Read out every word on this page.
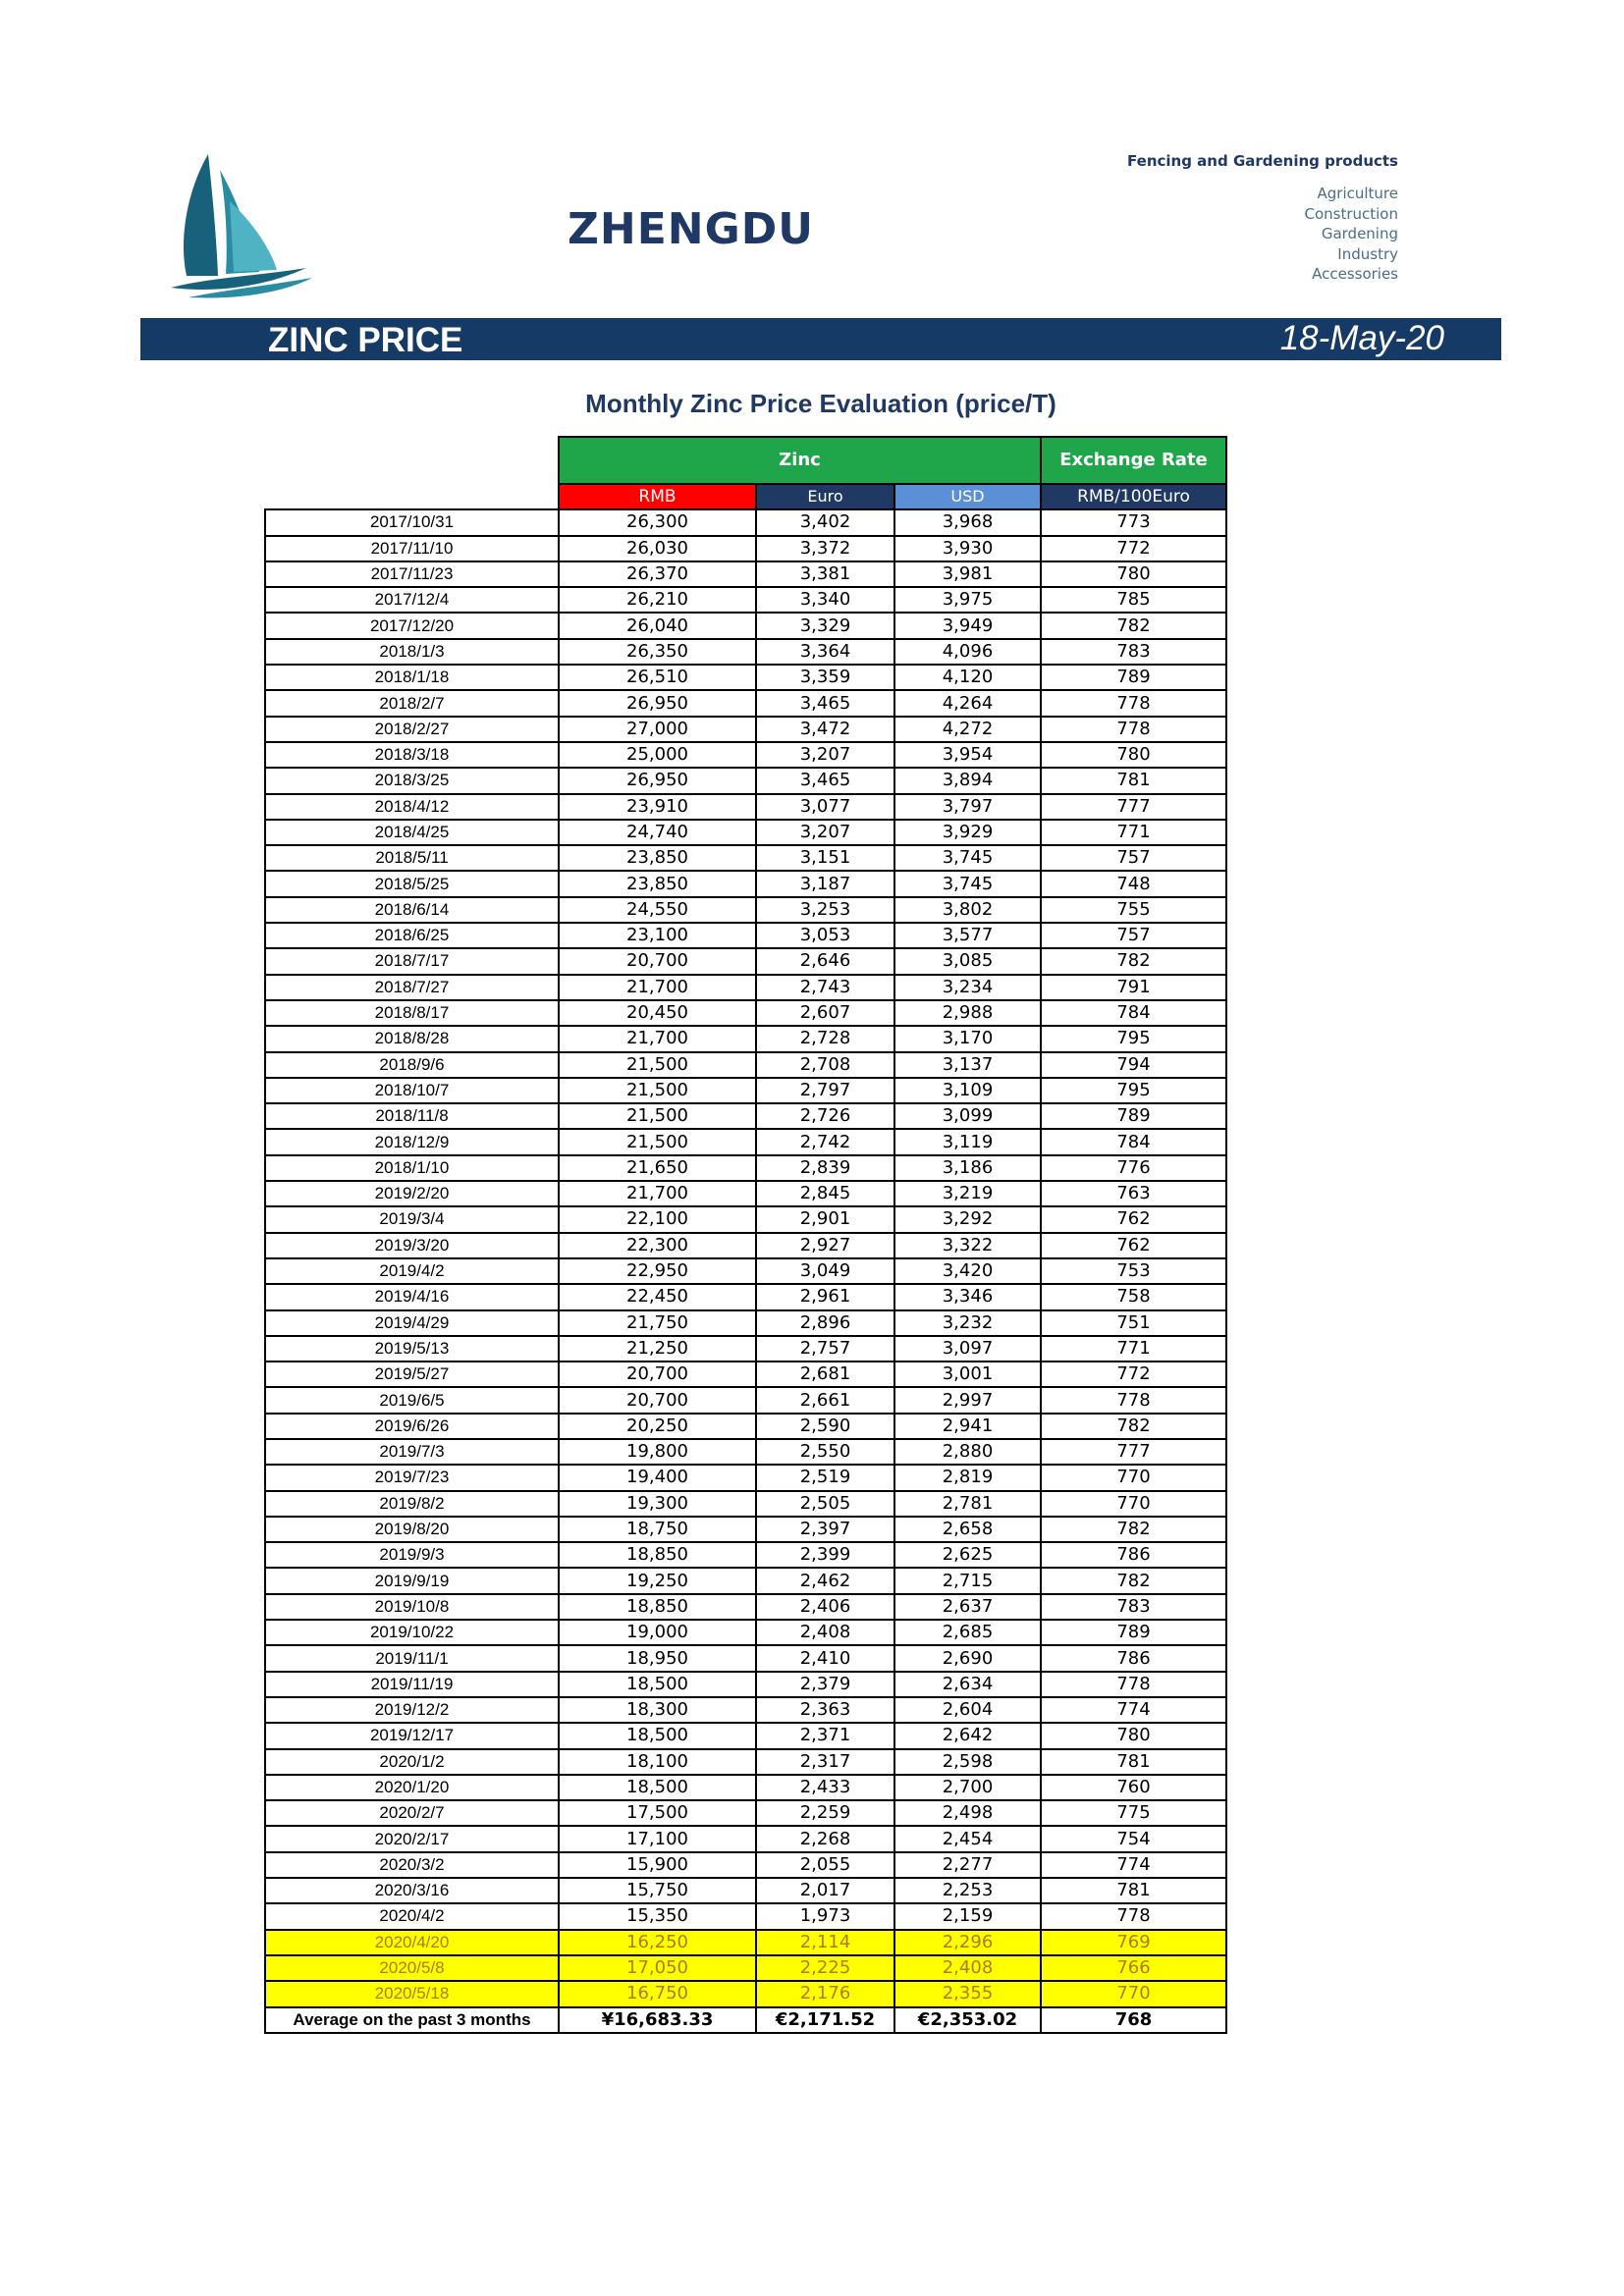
ZHENGDU
Fencing and Gardening products
Agriculture
Construction
Gardening
Industry
Accessories
ZINC PRICE	18-May-20
Monthly Zinc Price Evaluation (price/T)
	Zinc			Exchange Rate
	RMB	Euro	USD	RMB/100Euro
2017/10/31	26,300	3,402	3,968	773
2017/11/10	26,030	3,372	3,930	772
2017/11/23	26,370	3,381	3,981	780
2017/12/4	26,210	3,340	3,975	785
2017/12/20	26,040	3,329	3,949	782
2018/1/3	26,350	3,364	4,096	783
2018/1/18	26,510	3,359	4,120	789
2018/2/7	26,950	3,465	4,264	778
2018/2/27	27,000	3,472	4,272	778
2018/3/18	25,000	3,207	3,954	780
2018/3/25	26,950	3,465	3,894	781
2018/4/12	23,910	3,077	3,797	777
2018/4/25	24,740	3,207	3,929	771
2018/5/11	23,850	3,151	3,745	757
2018/5/25	23,850	3,187	3,745	748
2018/6/14	24,550	3,253	3,802	755
2018/6/25	23,100	3,053	3,577	757
2018/7/17	20,700	2,646	3,085	782
2018/7/27	21,700	2,743	3,234	791
2018/8/17	20,450	2,607	2,988	784
2018/8/28	21,700	2,728	3,170	795
2018/9/6	21,500	2,708	3,137	794
2018/10/7	21,500	2,797	3,109	795
2018/11/8	21,500	2,726	3,099	789
2018/12/9	21,500	2,742	3,119	784
2018/1/10	21,650	2,839	3,186	776
2019/2/20	21,700	2,845	3,219	763
2019/3/4	22,100	2,901	3,292	762
2019/3/20	22,300	2,927	3,322	762
2019/4/2	22,950	3,049	3,420	753
2019/4/16	22,450	2,961	3,346	758
2019/4/29	21,750	2,896	3,232	751
2019/5/13	21,250	2,757	3,097	771
2019/5/27	20,700	2,681	3,001	772
2019/6/5	20,700	2,661	2,997	778
2019/6/26	20,250	2,590	2,941	782
2019/7/3	19,800	2,550	2,880	777
2019/7/23	19,400	2,519	2,819	770
2019/8/2	19,300	2,505	2,781	770
2019/8/20	18,750	2,397	2,658	782
2019/9/3	18,850	2,399	2,625	786
2019/9/19	19,250	2,462	2,715	782
2019/10/8	18,850	2,406	2,637	783
2019/10/22	19,000	2,408	2,685	789
2019/11/1	18,950	2,410	2,690	786
2019/11/19	18,500	2,379	2,634	778
2019/12/2	18,300	2,363	2,604	774
2019/12/17	18,500	2,371	2,642	780
2020/1/2	18,100	2,317	2,598	781
2020/1/20	18,500	2,433	2,700	760
2020/2/7	17,500	2,259	2,498	775
2020/2/17	17,100	2,268	2,454	754
2020/3/2	15,900	2,055	2,277	774
2020/3/16	15,750	2,017	2,253	781
2020/4/2	15,350	1,973	2,159	778
2020/4/20	16,250	2,114	2,296	769
2020/5/8	17,050	2,225	2,408	766
2020/5/18	16,750	2,176	2,355	770
Average on the past 3 months	¥16,683.33	€2,171.52	€2,353.02	768
